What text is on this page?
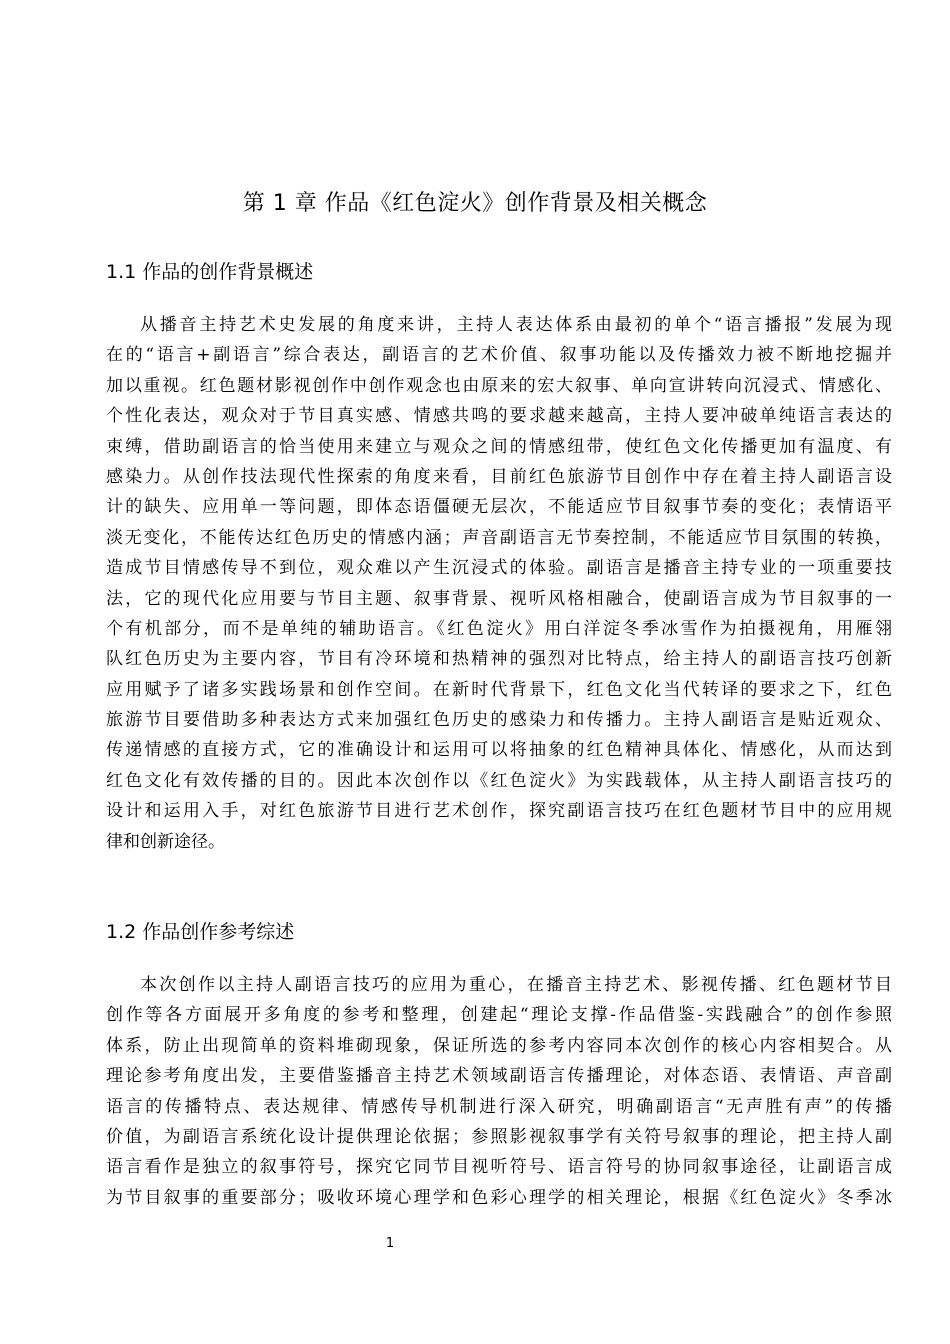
第 1 章 作品《红色淀火》创作背景及相关概念
1.1 作品的创作背景概述
从播音主持艺术史发展的角度来讲，主持人表达体系由最初的单个“语言播报”发展为现
在的“语言+副语言”综合表达，副语言的艺术价值、叙事功能以及传播效力被不断地挖掘并
加以重视。红色题材影视创作中创作观念也由原来的宏大叙事、单向宣讲转向沉浸式、情感化、
个性化表达，观众对于节目真实感、情感共鸣的要求越来越高，主持人要冲破单纯语言表达的
束缚，借助副语言的恰当使用来建立与观众之间的情感纽带，使红色文化传播更加有温度、有
感染力。从创作技法现代性探索的角度来看，目前红色旅游节目创作中存在着主持人副语言设
计的缺失、应用单一等问题，即体态语僵硬无层次，不能适应节目叙事节奏的变化；表情语平
淡无变化，不能传达红色历史的情感内涵；声音副语言无节奏控制，不能适应节目氛围的转换，
造成节目情感传导不到位，观众难以产生沉浸式的体验。副语言是播音主持专业的一项重要技
法，它的现代化应用要与节目主题、叙事背景、视听风格相融合，使副语言成为节目叙事的一
个有机部分，而不是单纯的辅助语言。《红色淀火》用白洋淀冬季冰雪作为拍摄视角，用雁翎
队红色历史为主要内容，节目有冷环境和热精神的强烈对比特点，给主持人的副语言技巧创新
应用赋予了诸多实践场景和创作空间。在新时代背景下，红色文化当代转译的要求之下，红色
旅游节目要借助多种表达方式来加强红色历史的感染力和传播力。主持人副语言是贴近观众、
传递情感的直接方式，它的准确设计和运用可以将抽象的红色精神具体化、情感化，从而达到
红色文化有效传播的目的。因此本次创作以《红色淀火》为实践载体，从主持人副语言技巧的
设计和运用入手，对红色旅游节目进行艺术创作，探究副语言技巧在红色题材节目中的应用规
律和创新途径。
1.2 作品创作参考综述
本次创作以主持人副语言技巧的应用为重心，在播音主持艺术、影视传播、红色题材节目
创作等各方面展开多角度的参考和整理，创建起“理论支撑-作品借鉴-实践融合”的创作参照
体系，防止出现简单的资料堆砌现象，保证所选的参考内容同本次创作的核心内容相契合。从
理论参考角度出发，主要借鉴播音主持艺术领域副语言传播理论，对体态语、表情语、声音副
语言的传播特点、表达规律、情感传导机制进行深入研究，明确副语言“无声胜有声”的传播
价值，为副语言系统化设计提供理论依据；参照影视叙事学有关符号叙事的理论，把主持人副
语言看作是独立的叙事符号，探究它同节目视听符号、语言符号的协同叙事途径，让副语言成
为节目叙事的重要部分；吸收环境心理学和色彩心理学的相关理论，根据《红色淀火》冬季冰
1
